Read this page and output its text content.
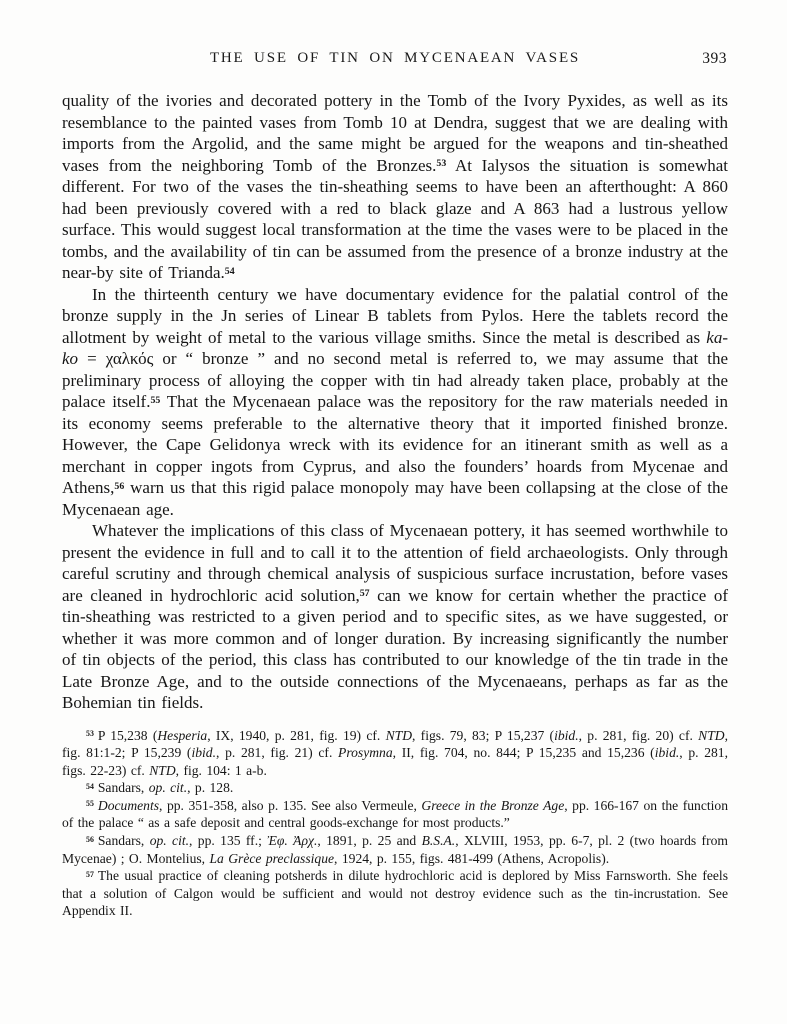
THE USE OF TIN ON MYCENAEAN VASES	393

quality of the ivories and decorated pottery in the Tomb of the Ivory Pyxides, as well as its resemblance to the painted vases from Tomb 10 at Dendra, suggest that we are dealing with imports from the Argolid, and the same might be argued for the weapons and tin-sheathed vases from the neighboring Tomb of the Bronzes.$^{53}$ At Ialysos the situation is somewhat different. For two of the vases the tin-sheathing seems to have been an afterthought: A 860 had been previously covered with a red to black glaze and A 863 had a lustrous yellow surface. This would suggest local transformation at the time the vases were to be placed in the tombs, and the availability of tin can be assumed from the presence of a bronze industry at the near-by site of Trianda.$^{54}$

In the thirteenth century we have documentary evidence for the palatial control of the bronze supply in the Jn series of Linear B tablets from Pylos. Here the tablets record the allotment by weight of metal to the various village smiths. Since the metal is described as ka-ko = χαλκός or “ bronze ” and no second metal is referred to, we may assume that the preliminary process of alloying the copper with tin had already taken place, probably at the palace itself.$^{55}$ That the Mycenaean palace was the repository for the raw materials needed in its economy seems preferable to the alternative theory that it imported finished bronze. However, the Cape Gelidonya wreck with its evidence for an itinerant smith as well as a merchant in copper ingots from Cyprus, and also the founders’ hoards from Mycenae and Athens,$^{56}$ warn us that this rigid palace monopoly may have been collapsing at the close of the Mycenaean age.

Whatever the implications of this class of Mycenaean pottery, it has seemed worthwhile to present the evidence in full and to call it to the attention of field archaeologists. Only through careful scrutiny and through chemical analysis of suspicious surface incrustation, before vases are cleaned in hydrochloric acid solution,$^{57}$ can we know for certain whether the practice of tin-sheathing was restricted to a given period and to specific sites, as we have suggested, or whether it was more common and of longer duration. By increasing significantly the number of tin objects of the period, this class has contributed to our knowledge of the tin trade in the Late Bronze Age, and to the outside connections of the Mycenaeans, perhaps as far as the Bohemian tin fields.

$^{53}$ P 15,238 (Hesperia, IX, 1940, p. 281, fig. 19) cf. NTD, figs. 79, 83; P 15,237 (ibid., p. 281, fig. 20) cf. NTD, fig. 81:1-2; P 15,239 (ibid., p. 281, fig. 21) cf. Prosymna, II, fig. 704, no. 844; P 15,235 and 15,236 (ibid., p. 281, figs. 22-23) cf. NTD, fig. 104: 1 a-b.

$^{54}$ Sandars, op. cit., p. 128.

$^{55}$ Documents, pp. 351-358, also p. 135. See also Vermeule, Greece in the Bronze Age, pp. 166-167 on the function of the palace “ as a safe deposit and central goods-exchange for most products.”

$^{56}$ Sandars, op. cit., pp. 135 ff.; Ἐφ. Ἀρχ., 1891, p. 25 and B.S.A., XLVIII, 1953, pp. 6-7, pl. 2 (two hoards from Mycenae) ; O. Montelius, La Grèce preclassique, 1924, p. 155, figs. 481-499 (Athens, Acropolis).

$^{57}$ The usual practice of cleaning potsherds in dilute hydrochloric acid is deplored by Miss Farnsworth. She feels that a solution of Calgon would be sufficient and would not destroy evidence such as the tin-incrustation. See Appendix II.
